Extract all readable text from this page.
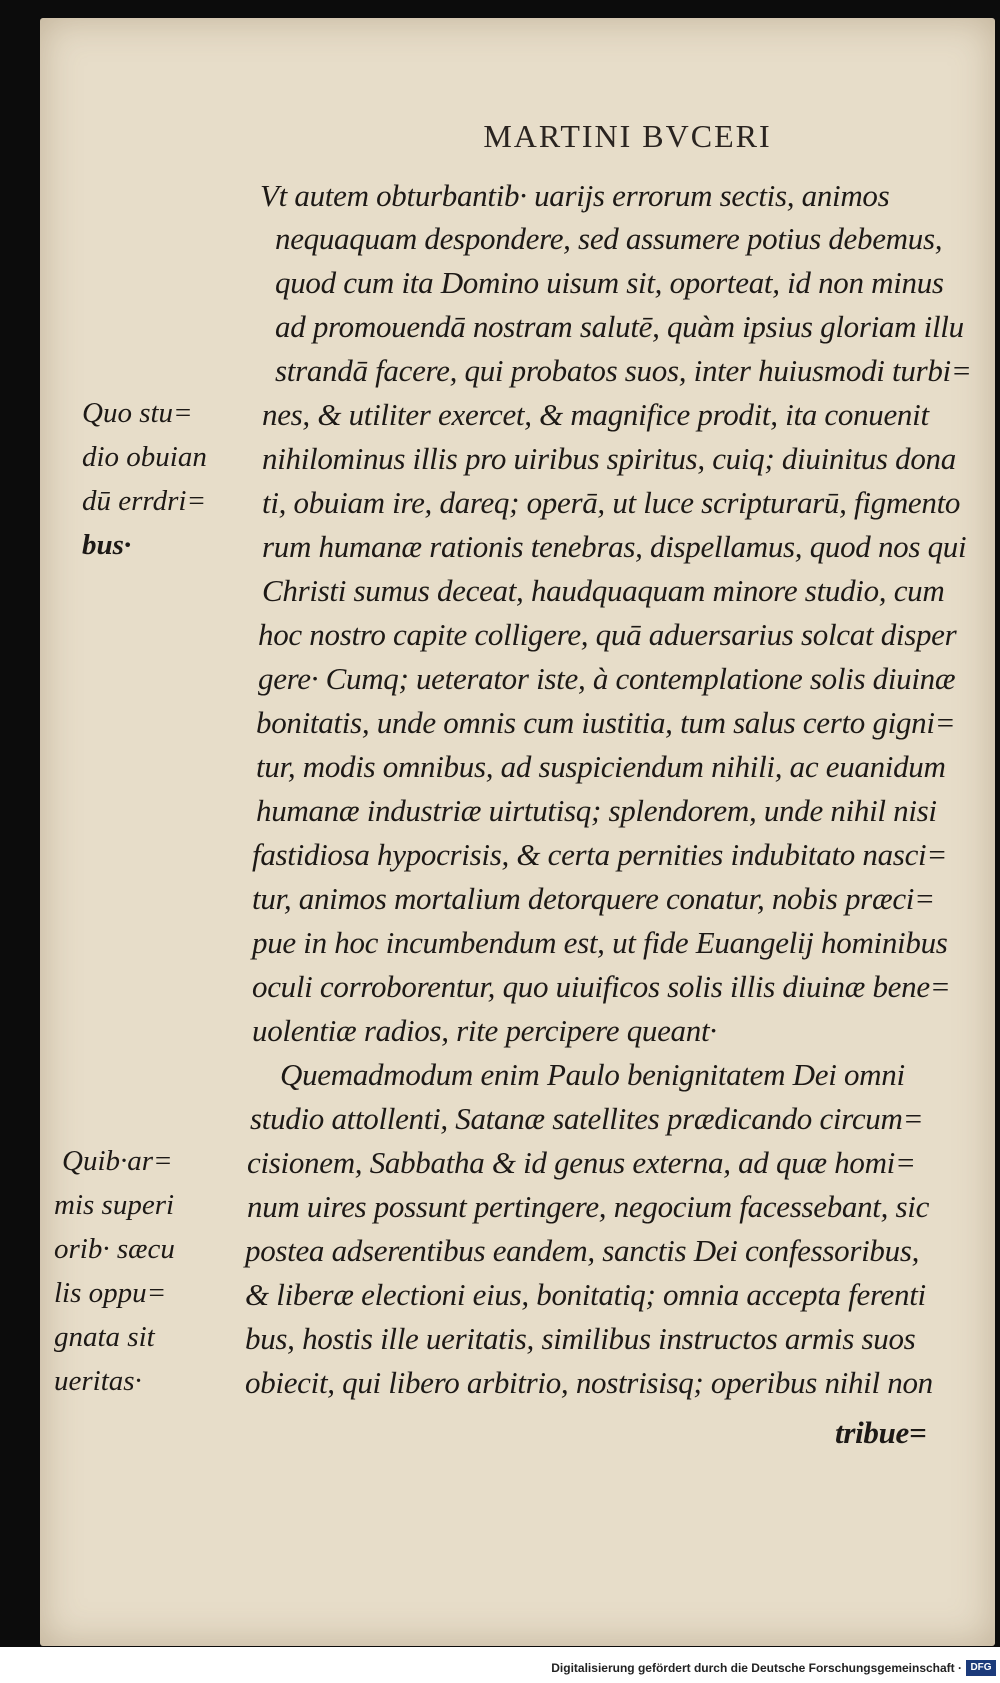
MARTINI BVCERI
Vt autem obturbantib· uarijs errorum sectis, animos
nequaquam despondere, sed assumere potius debemus,
quod cum ita Domino uisum sit, oporteat, id non minus
ad promouendā nostram salutē, quàm ipsius gloriam illu
strandā facere, qui probatos suos, inter huiusmodi turbi=
nes, & utiliter exercet, & magnifice prodit, ita conuenit
nihilominus illis pro uiribus spiritus, cuiq; diuinitus dona
ti, obuiam ire, dareq; operā, ut luce scripturarū, figmento
rum humanæ rationis tenebras, dispellamus, quod nos qui
Christi sumus deceat, haudquaquam minore studio, cum
hoc nostro capite colligere, quā aduersarius solcat disper
gere· Cumq; ueterator iste, à contemplatione solis diuinæ
bonitatis, unde omnis cum iustitia, tum salus certo gigni=
tur, modis omnibus, ad suspiciendum nihili, ac euanidum
humanæ industriæ uirtutisq; splendorem, unde nihil nisi
fastidiosa hypocrisis, & certa pernities indubitato nasci=
tur, animos mortalium detorquere conatur, nobis præci=
pue in hoc incumbendum est, ut fide Euangelij hominibus
oculi corroborentur, quo uiuificos solis illis diuinæ bene=
uolentiæ radios, rite percipere queant·
Quemadmodum enim Paulo benignitatem Dei omni
studio attollenti, Satanæ satellites prædicando circum=
cisionem, Sabbatha & id genus externa, ad quæ homi=
num uires possunt pertingere, negocium facessebant, sic
postea adserentibus eandem, sanctis Dei confessoribus,
& liberæ electioni eius, bonitatiq; omnia accepta ferenti
bus, hostis ille ueritatis, similibus instructos armis suos
obiecit, qui libero arbitrio, nostrisisq; operibus nihil non
tribue=
Quo stu=
dio obuian
dū errdri=
bus·
Quib·ar=
mis superi
orib· sæcu
lis oppu=
gnata sit
ueritas·
Digitalisierung gefördert durch die Deutsche Forschungsgemeinschaft · DFG
